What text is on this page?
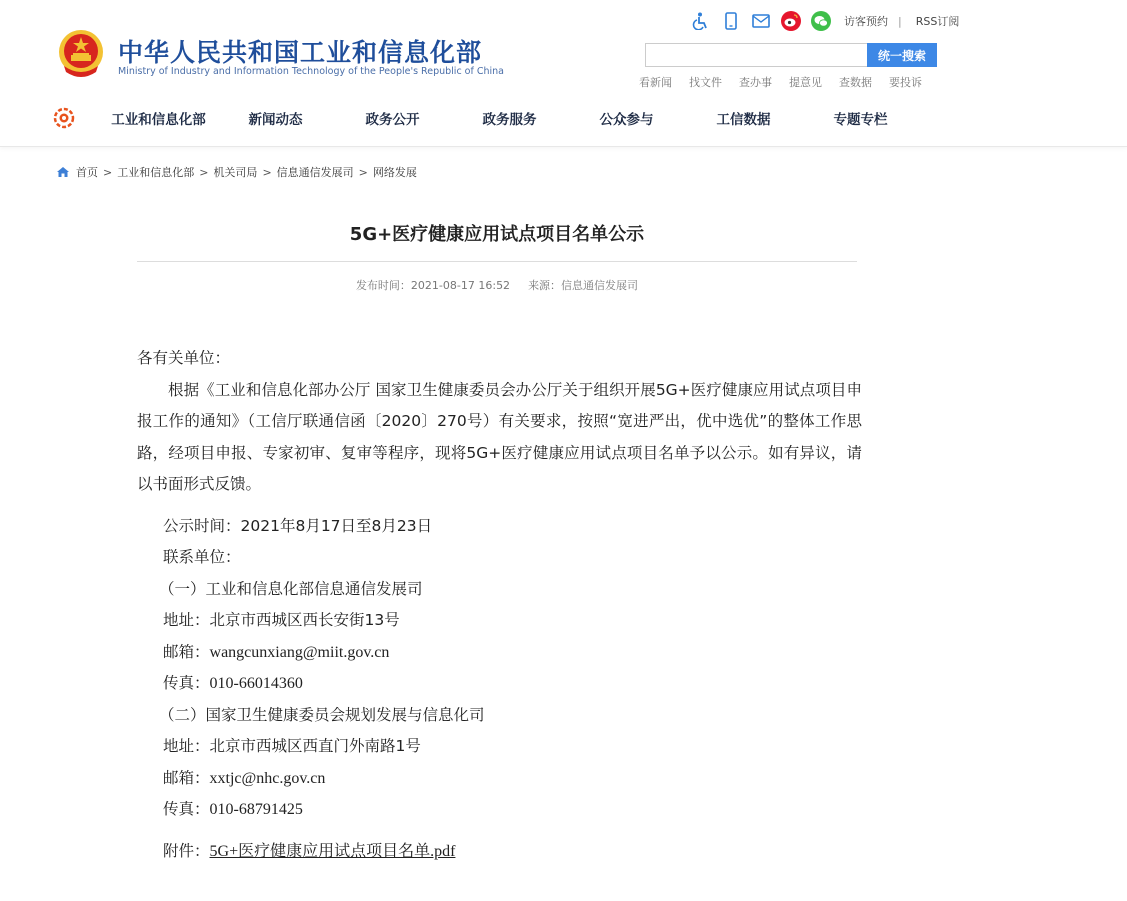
中华人民共和国工业和信息化部
Ministry of Industry and Information Technology of the People's Republic of China
访客预约 | RSS订阅
统一搜索
看新闻 找文件 查办事 提意见 查数据 要投诉
工业和信息化部	新闻动态	政务公开	政务服务	公众参与	工信数据	专题专栏
首页 > 工业和信息化部 > 机关司局 > 信息通信发展司 > 网络发展
5G+医疗健康应用试点项目名单公示
发布时间：2021-08-17 16:52 来源：信息通信发展司

各有关单位：

根据《工业和信息化部办公厅 国家卫生健康委员会办公厅关于组织开展5G+医疗健康应用试点项目申报工作的通知》（工信厅联通信函〔2020〕270号）有关要求，按照“宽进严出，优中选优”的整体工作思路，经项目申报、专家初审、复审等程序，现将5G+医疗健康应用试点项目名单予以公示。如有异议，请以书面形式反馈。

公示时间：2021年8月17日至8月23日

联系单位：

（一）工业和信息化部信息通信发展司

地址：北京市西城区西长安街13号

邮箱：wangcunxiang@miit.gov.cn

传真：010-66014360

（二）国家卫生健康委员会规划发展与信息化司

地址：北京市西城区西直门外南路1号

邮箱：xxtjc@nhc.gov.cn

传真：010-68791425

附件：5G+医疗健康应用试点项目名单.pdf
